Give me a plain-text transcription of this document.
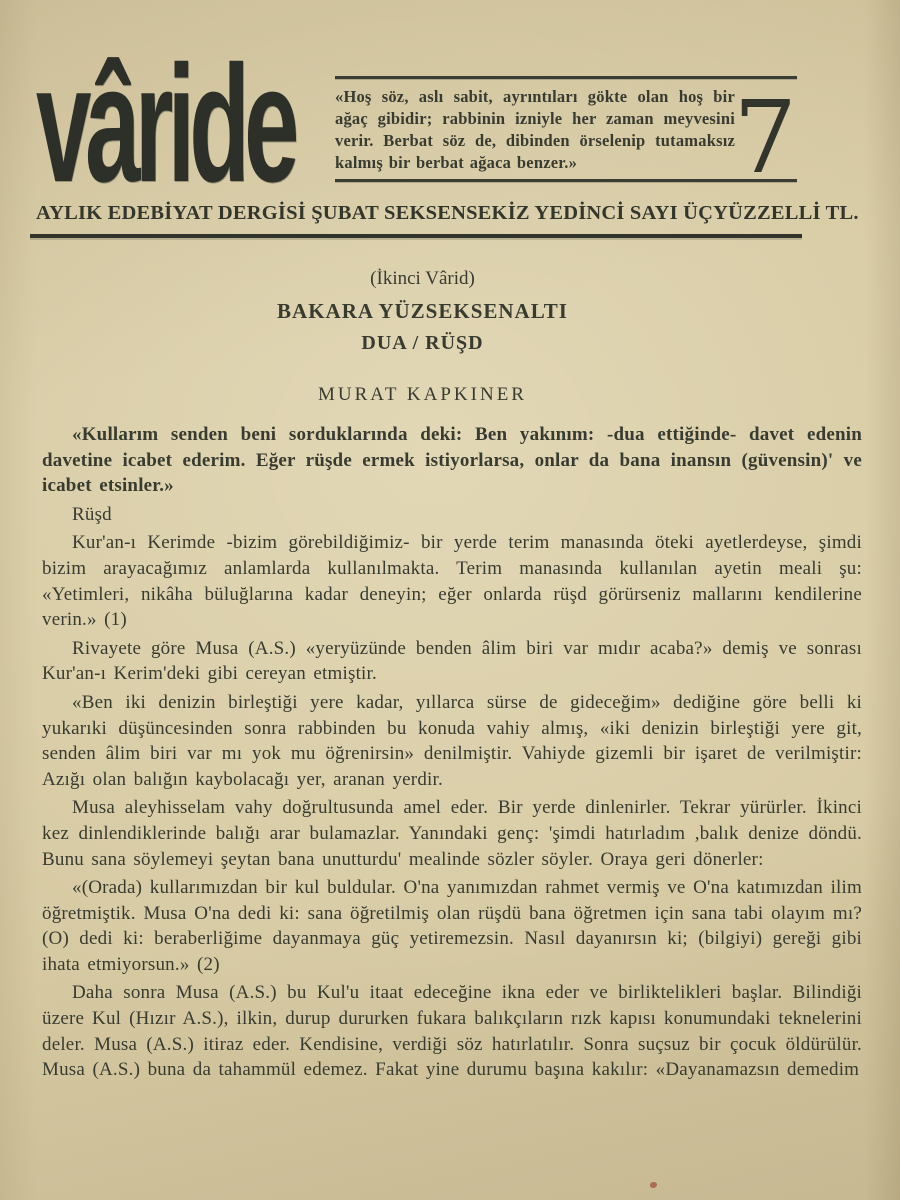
vâride	«Hoş söz, aslı sabit, ayrıntıları gökte olan hoş bir ağaç gibidir; rabbinin izniyle her zaman meyvesini verir. Berbat söz de, dibinden örselenip tutamaksız kalmış bir berbat ağaca benzer.»	7
AYLIK EDEBİYAT DERGİSİ ŞUBAT SEKSENSEKİZ YEDİNCİ SAYI ÜÇYÜZZELLİ TL.

(İkinci Vârid)

BAKARA YÜZSEKSENALTI

DUA / RÜŞD

MURAT KAPKINER

«Kullarım senden beni sorduklarında deki: Ben yakınım: -dua ettiğinde- davet edenin davetine icabet ederim. Eğer rüşde ermek istiyorlarsa, onlar da bana inansın (güvensin)' ve icabet etsinler.»

Rüşd

Kur'an-ı Kerimde -bizim görebildiğimiz- bir yerde terim manasında öteki ayetlerdeyse, şimdi bizim arayacağımız anlamlarda kullanılmakta. Terim manasında kullanılan ayetin meali şu: «Yetimleri, nikâha büluğlarına kadar deneyin; eğer onlarda rüşd görürseniz mallarını kendilerine verin.» (1)

Rivayete göre Musa (A.S.) «yeryüzünde benden âlim biri var mıdır acaba?» demiş ve sonrası Kur'an-ı Kerim'deki gibi cereyan etmiştir.

«Ben iki denizin birleştiği yere kadar, yıllarca sürse de gideceğim» dediğine göre belli ki yukarıki düşüncesinden sonra rabbinden bu konuda vahiy almış, «iki denizin birleştiği yere git, senden âlim biri var mı yok mu öğrenirsin» denilmiştir. Vahiyde gizemli bir işaret de verilmiştir: Azığı olan balığın kaybolacağı yer, aranan yerdir.

Musa aleyhisselam vahy doğrultusunda amel eder. Bir yerde dinlenirler. Tekrar yürürler. İkinci kez dinlendiklerinde balığı arar bulamazlar. Yanındaki genç: 'şimdi hatırladım ,balık denize döndü. Bunu sana söylemeyi şeytan bana unutturdu' mealinde sözler söyler. Oraya geri dönerler:

«(Orada) kullarımızdan bir kul buldular. O'na yanımızdan rahmet vermiş ve O'na katımızdan ilim öğretmiştik. Musa O'na dedi ki: sana öğretilmiş olan rüşdü bana öğretmen için sana tabi olayım mı? (O) dedi ki: beraberliğime dayanmaya güç yetiremezsin. Nasıl dayanırsın ki; (bilgiyi) gereği gibi ihata etmiyorsun.» (2)

Daha sonra Musa (A.S.) bu Kul'u itaat edeceğine ikna eder ve birliktelikleri başlar. Bilindiği üzere Kul (Hızır A.S.), ilkin, durup dururken fukara balıkçıların rızk kapısı konumundaki teknelerini deler. Musa (A.S.) itiraz eder. Kendisine, verdiği söz hatırlatılır. Sonra suçsuz bir çocuk öldürülür. Musa (A.S.) buna da tahammül edemez. Fakat yine durumu başına kakılır: «Dayanamazsın demedim
